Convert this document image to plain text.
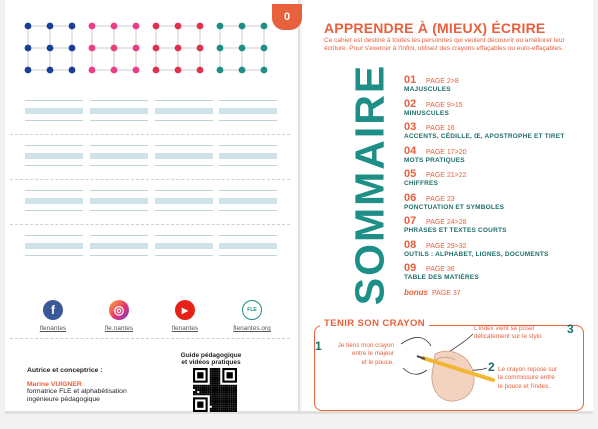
f
flenantes
◎
fle.nantes
▶
flenantes
FLE
flenantes.org
Autrice et conceptrice :
Marine VUIGNER
formatrice FLE et alphabétisation
ingénieure pédagogique
Guide pédagogique
et vidéos pratiques
0
APPRENDRE À (MIEUX) ÉCRIRE
Ce cahier est destiné à toutes les personnes qui veulent découvrir ou améliorer leur écriture. Pour s'exercer à l'infini, utilisez des crayons effaçables ou euro-effaçables.
SOMMAIRE 01 PAGE 2>8
MAJUSCULES
02 PAGE 9>15
MINUSCULES
03 PAGE 16
ACCENTS, CÉDILLE, Œ, APOSTROPHE ET TIRET
04 PAGE 17>20
MOTS PRATIQUES
05 PAGE 21>22
CHIFFRES
06 PAGE 23
PONCTUATION ET SYMBOLES
07 PAGE 24>28
PHRASES ET TEXTES COURTS
08 PAGE 29>32
OUTILS : ALPHABET, LIGNES, DOCUMENTS
09 PAGE 36
TABLE DES MATIÈRES
bonus PAGE 37
TENIR SON CRAYON
1	Je tiens mon crayon
entre le majeur
et le pouce.
3
L'index vient se poser
délicatement sur le stylo
2 Le crayon repose sur
la commissure entre
le pouce et l'index.
